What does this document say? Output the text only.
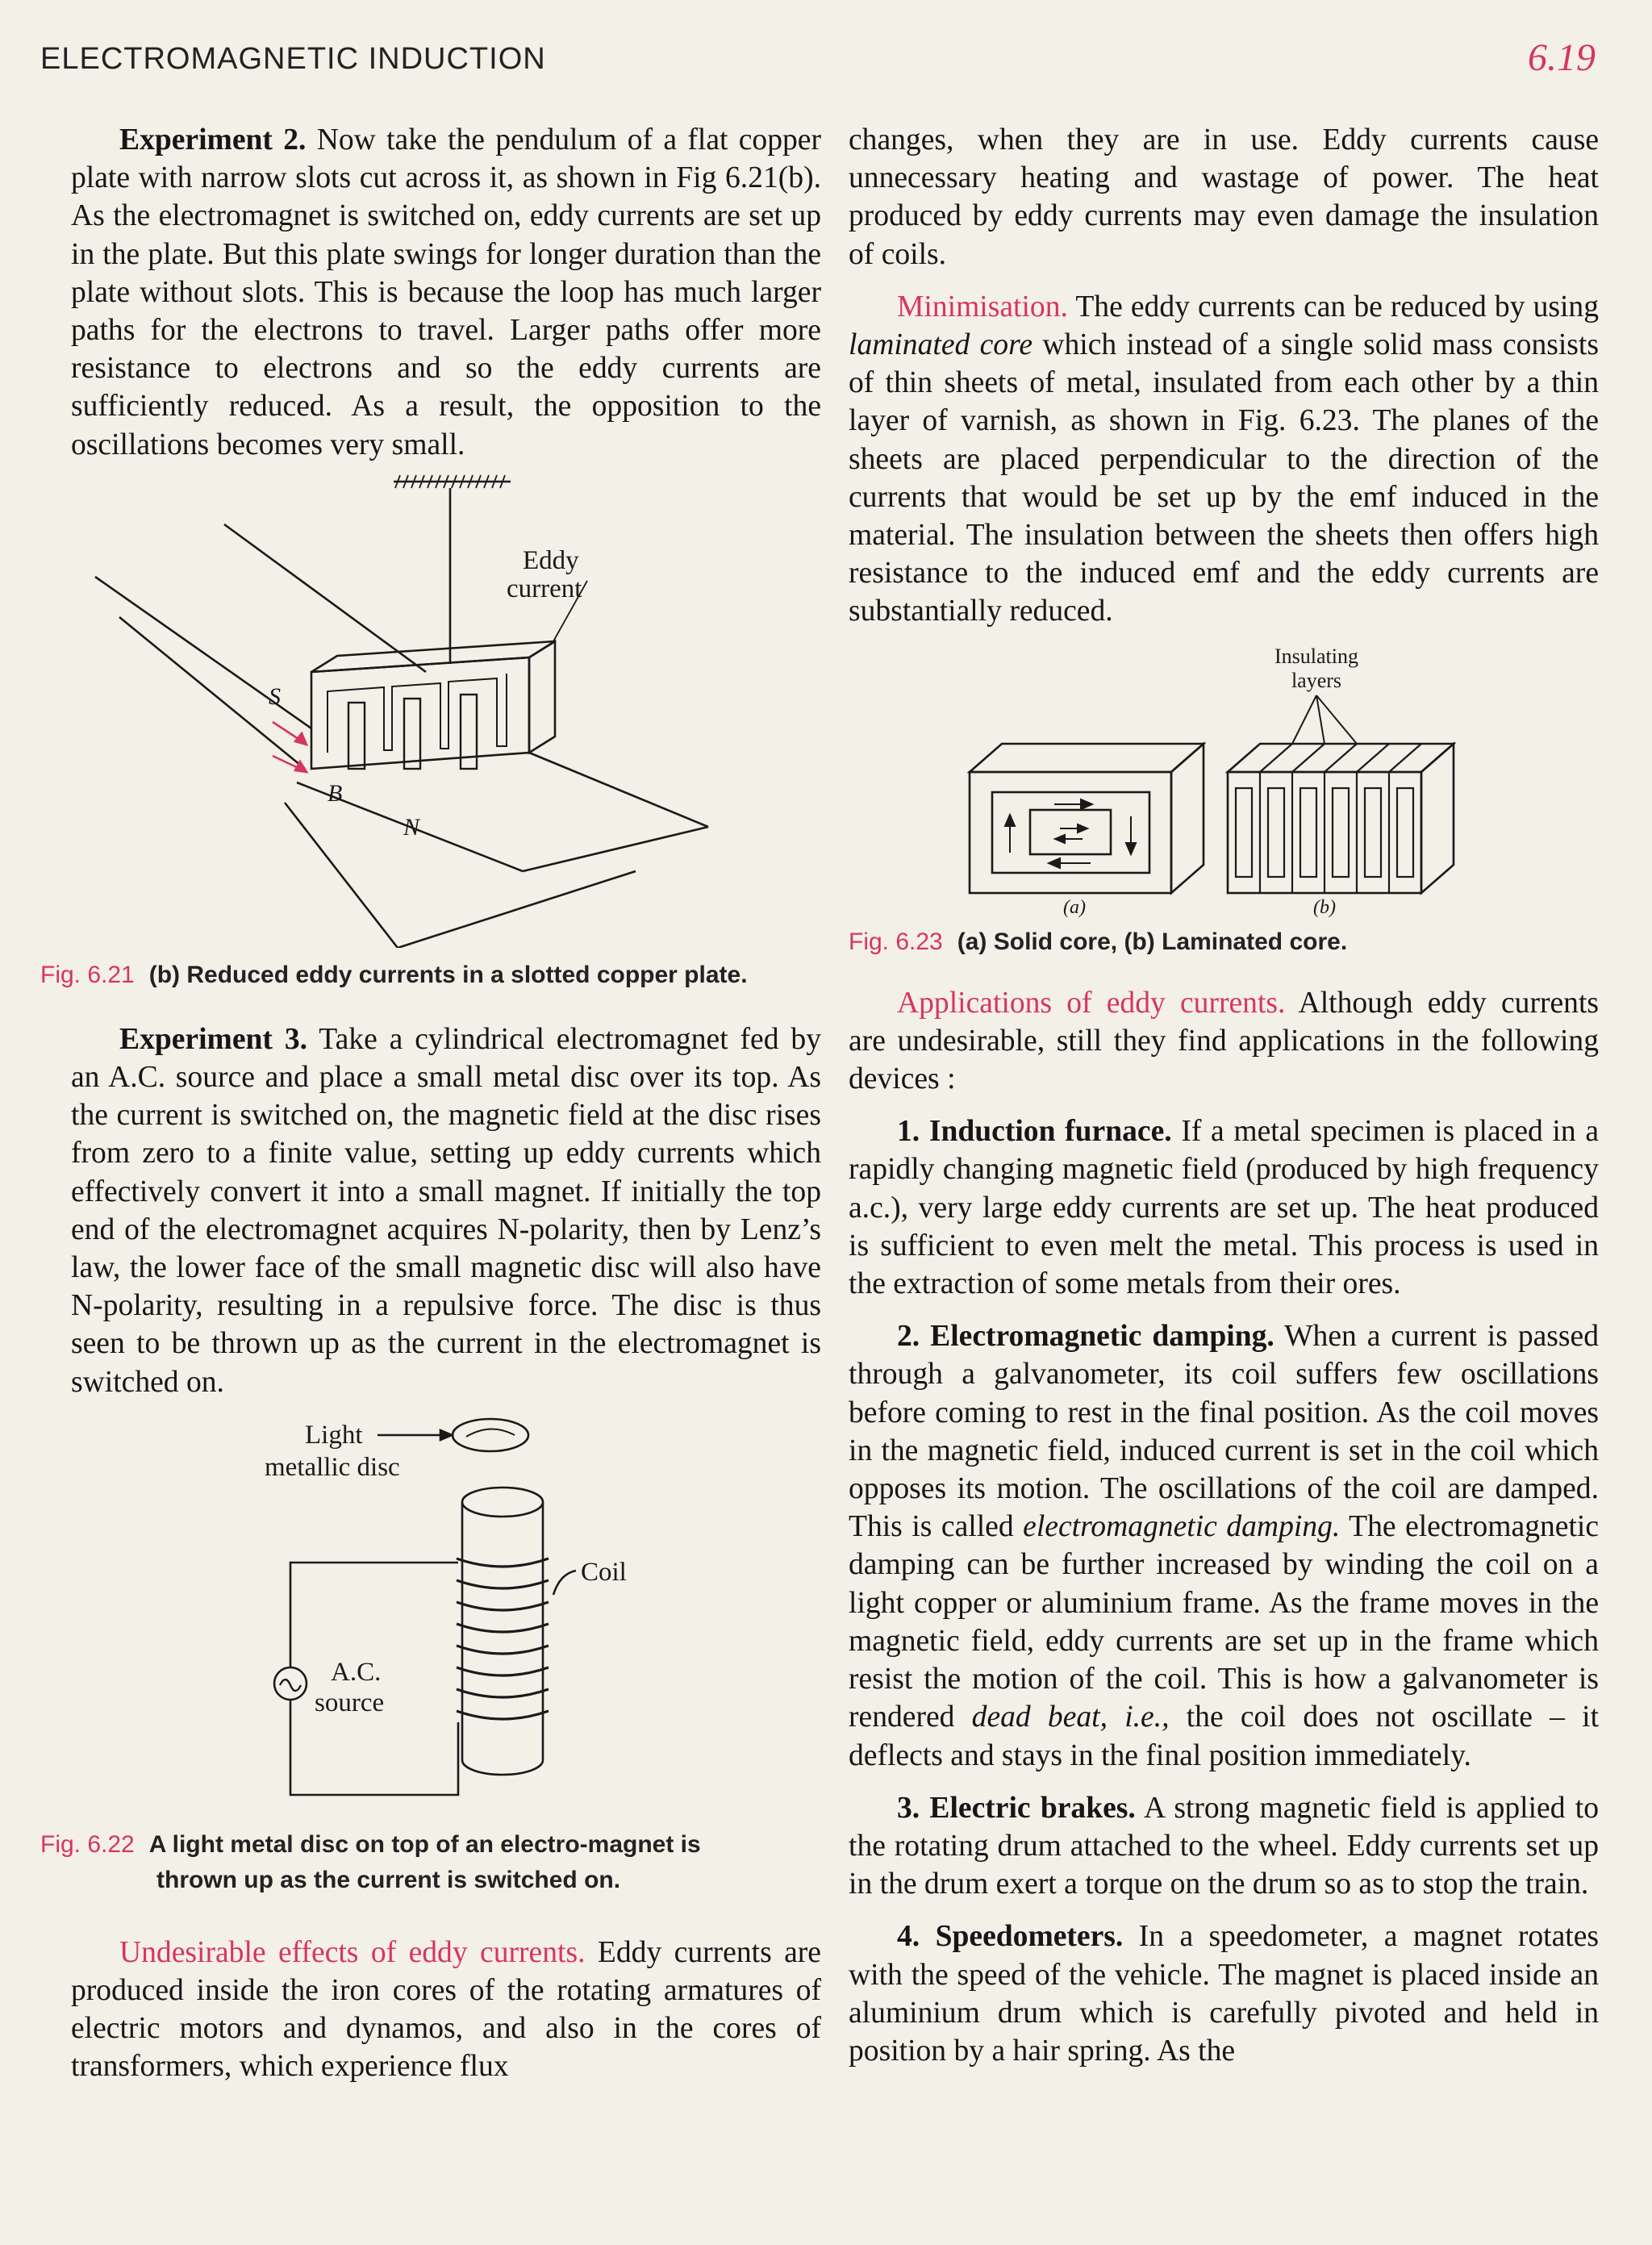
ELECTROMAGNETIC INDUCTION	6.19

Experiment 2. Now take the pendulum of a flat copper plate with narrow slots cut across it, as shown in Fig 6.21(b). As the electromagnet is switched on, eddy currents are set up in the plate. But this plate swings for longer duration than the plate without slots. This is because the loop has much larger paths for the electrons to travel. Larger paths offer more resistance to electrons and so the eddy currents are sufficiently reduced. As a result, the opposition to the oscillations becomes very small.

Eddy
current
S
B
N

Fig. 6.21 (b) Reduced eddy currents in a slotted copper plate.

Experiment 3. Take a cylindrical electromagnet fed by an A.C. source and place a small metal disc over its top. As the current is switched on, the magnetic field at the disc rises from zero to a finite value, setting up eddy currents which effectively convert it into a small magnet. If initially the top end of the electromagnet acquires N-polarity, then by Lenz’s law, the lower face of the small magnetic disc will also have N-polarity, resulting in a repulsive force. The disc is thus seen to be thrown up as the current in the electromagnet is switched on.

Light
metallic disc
Coil
A.C.
source

Fig. 6.22 A light metal disc on top of an electro-magnet is

thrown up as the current is switched on.

Undesirable effects of eddy currents. Eddy currents are produced inside the iron cores of the rotating armatures of electric motors and dynamos, and also in the cores of transformers, which experience flux

changes, when they are in use. Eddy currents cause unnecessary heating and wastage of power. The heat produced by eddy currents may even damage the insulation of coils.

Minimisation. The eddy currents can be reduced by using laminated core which instead of a single solid mass consists of thin sheets of metal, insulated from each other by a thin layer of varnish, as shown in Fig. 6.23. The planes of the sheets are placed perpendicular to the direction of the currents that would be set up by the emf induced in the material. The insulation between the sheets then offers high resistance to the induced emf and the eddy currents are substantially reduced.

Insulating
layers
(a)	(b)

Fig. 6.23 (a) Solid core, (b) Laminated core.

Applications of eddy currents. Although eddy currents are undesirable, still they find applications in the following devices :

1. Induction furnace. If a metal specimen is placed in a rapidly changing magnetic field (produced by high frequency a.c.), very large eddy currents are set up. The heat produced is sufficient to even melt the metal. This process is used in the extraction of some metals from their ores.

2. Electromagnetic damping. When a current is passed through a galvanometer, its coil suffers few oscillations before coming to rest in the final position. As the coil moves in the magnetic field, induced current is set in the coil which opposes its motion. The oscillations of the coil are damped. This is called electromagnetic damping. The electromagnetic damping can be further increased by winding the coil on a light copper or aluminium frame. As the frame moves in the magnetic field, eddy currents are set up in the frame which resist the motion of the coil. This is how a galvanometer is rendered dead beat, i.e., the coil does not oscillate – it deflects and stays in the final position immediately.

3. Electric brakes. A strong magnetic field is applied to the rotating drum attached to the wheel. Eddy currents set up in the drum exert a torque on the drum so as to stop the train.

4. Speedometers. In a speedometer, a magnet rotates with the speed of the vehicle. The magnet is placed inside an aluminium drum which is carefully pivoted and held in position by a hair spring. As the
